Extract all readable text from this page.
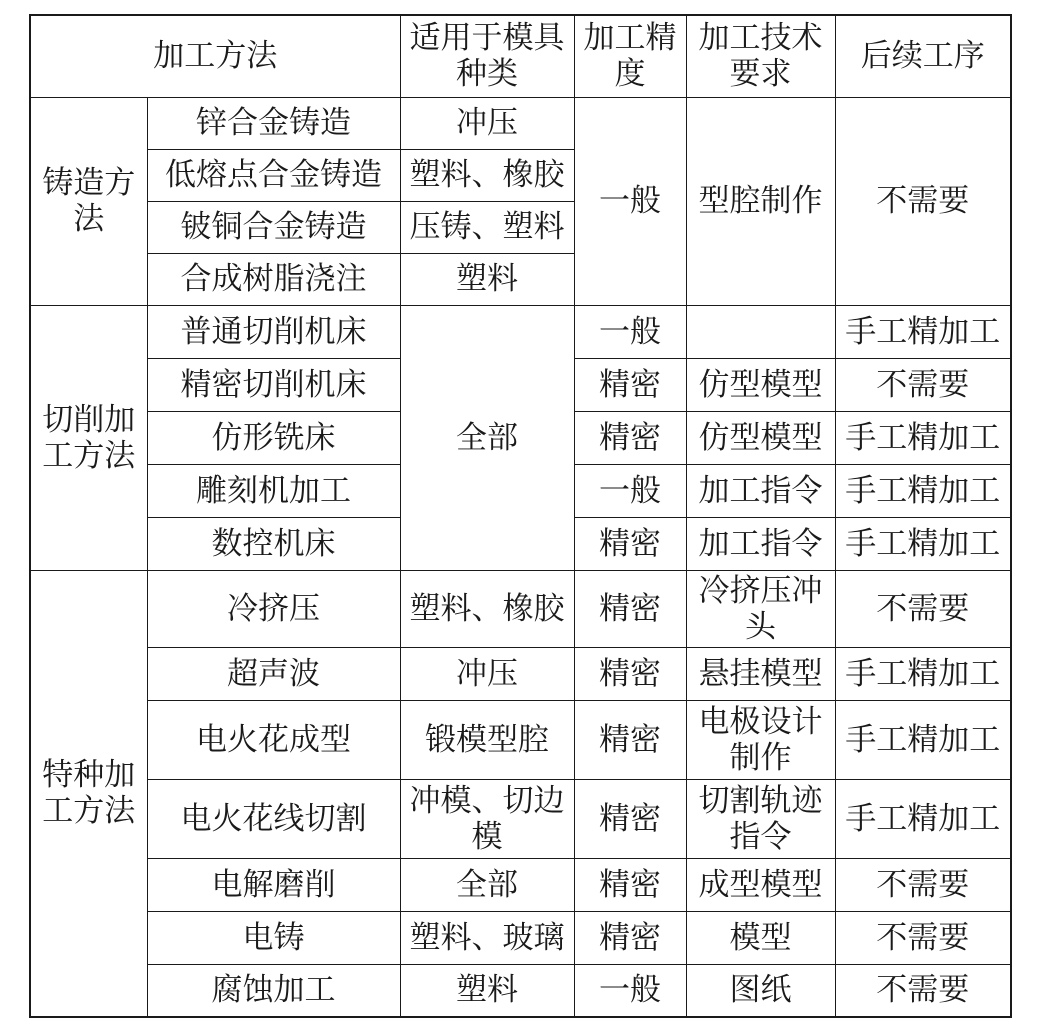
加工方法		适用于模具种类	加工精度	加工技术要求	后续工序
铸造方法	锌合金铸造	冲压	一般	型腔制作	不需要
	低熔点合金铸造	塑料、橡胶			
	铍铜合金铸造	压铸、塑料			
	合成树脂浇注	塑料			
切削加工方法	普通切削机床	全部	一般		手工精加工
	精密切削机床		精密	仿型模型	不需要
	仿形铣床		精密	仿型模型	手工精加工
	雕刻机加工		一般	加工指令	手工精加工
	数控机床		精密	加工指令	手工精加工
特种加工方法	冷挤压	塑料、橡胶	精密	冷挤压冲头	不需要
	超声波	冲压	精密	悬挂模型	手工精加工
	电火花成型	锻模型腔	精密	电极设计制作	手工精加工
	电火花线切割	冲模、切边模	精密	切割轨迹指令	手工精加工
	电解磨削	全部	精密	成型模型	不需要
	电铸	塑料、玻璃	精密	模型	不需要
	腐蚀加工	塑料	一般	图纸	不需要
